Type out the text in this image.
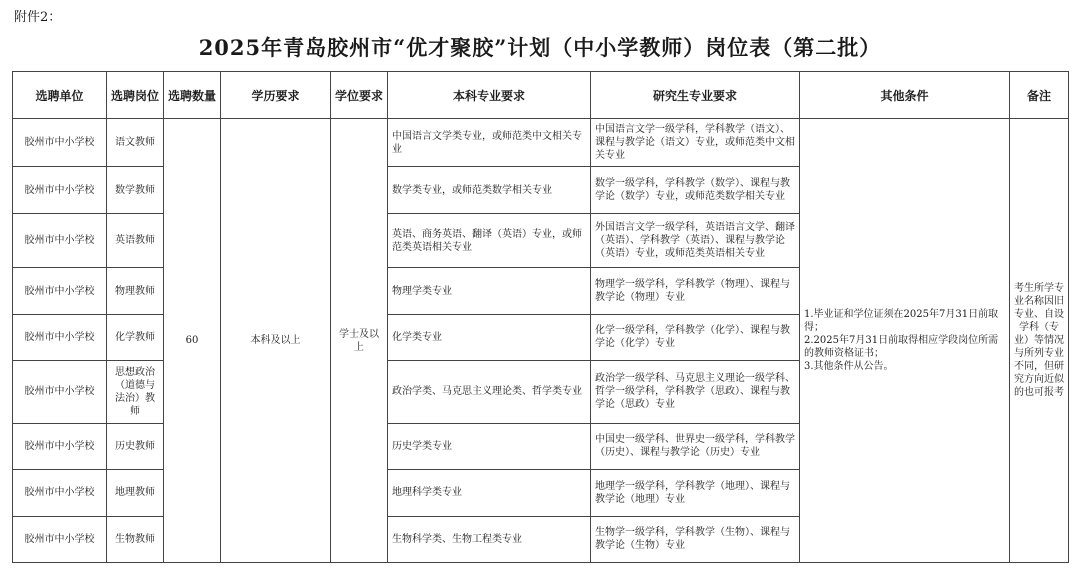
附件2：
2025年青岛胶州市“优才聚胶”计划（中小学教师）岗位表（第二批）
选聘单位	选聘岗位	选聘数量	学历要求	学位要求	本科专业要求	研究生专业要求	其他条件	备注
胶州市中小学校	语文教师	60	本科及以上	学士及以上	中国语言文学类专业，或师范类中文相关专业	中国语言文学一级学科，学科教学（语文）、课程与教学论（语文）专业，或师范类中文相关专业	1.毕业证和学位证须在2025年7月31日前取得；
2.2025年7月31日前取得相应学段岗位所需的教师资格证书；
3.其他条件从公告。	考生所学专业名称因旧专业、自设学科（专业）等情况与所列专业不同，但研究方向近似的也可报考
胶州市中小学校	数学教师				数学类专业，或师范类数学相关专业	数学一级学科，学科教学（数学）、课程与教学论（数学）专业，或师范类数学相关专业		
胶州市中小学校	英语教师				英语、商务英语、翻译（英语）专业，或师范类英语相关专业	外国语言文学一级学科，英语语言文学、翻译（英语）、学科教学（英语）、课程与教学论（英语）专业，或师范类英语相关专业		
胶州市中小学校	物理教师				物理学类专业	物理学一级学科，学科教学（物理）、课程与教学论（物理）专业		
胶州市中小学校	化学教师				化学类专业	化学一级学科，学科教学（化学）、课程与教学论（化学）专业		
胶州市中小学校	思想政治（道德与法治）教师				政治学类、马克思主义理论类、哲学类专业	政治学一级学科、马克思主义理论一级学科、哲学一级学科，学科教学（思政）、课程与教学论（思政）专业		
胶州市中小学校	历史教师				历史学类专业	中国史一级学科、世界史一级学科，学科教学（历史）、课程与教学论（历史）专业		
胶州市中小学校	地理教师				地理科学类专业	地理学一级学科，学科教学（地理）、课程与教学论（地理）专业		
胶州市中小学校	生物教师				生物科学类、生物工程类专业	生物学一级学科，学科教学（生物）、课程与教学论（生物）专业		
